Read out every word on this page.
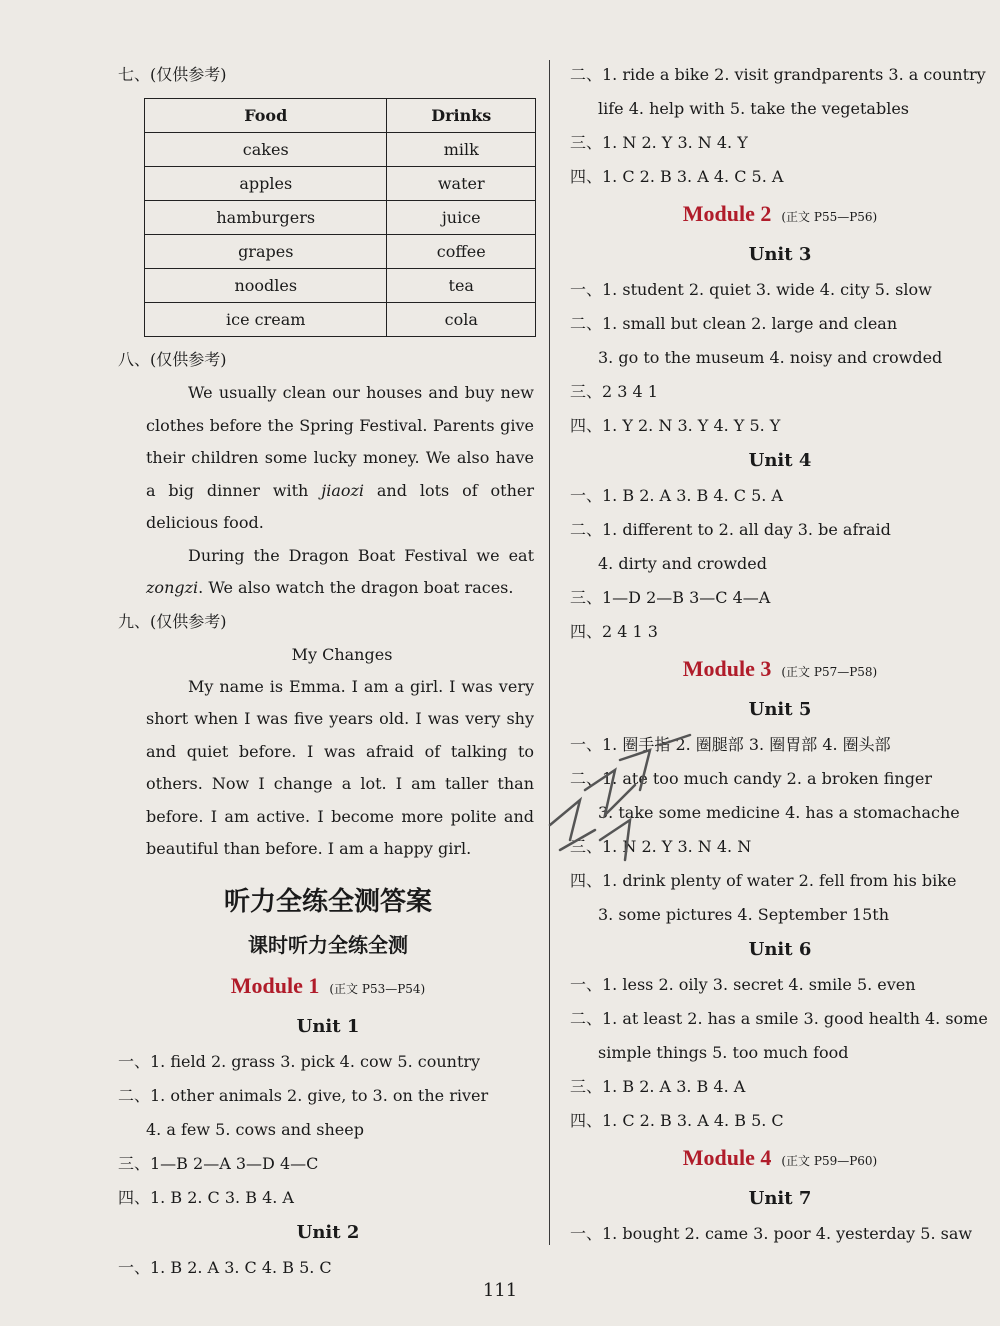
七、(仅供参考)
Food	Drinks
cakes	milk
apples	water
hamburgers	juice
grapes	coffee
noodles	tea
ice cream	cola
八、(仅供参考)

We usually clean our houses and buy new clothes before the Spring Festival. Parents give their children some lucky money. We also have a big dinner with jiaozi and lots of other delicious food.

During the Dragon Boat Festival we eat zongzi. We also watch the dragon boat races.

九、(仅供参考)
My Changes

My name is Emma. I am a girl. I was very short when I was five years old. I was very shy and quiet before. I was afraid of talking to others. Now I change a lot. I am taller than before. I am active. I become more polite and beautiful than before. I am a happy girl.

听力全练全测答案
课时听力全练全测
Module 1 (正文 P53—P54)
Unit 1
一、1. field 2. grass 3. pick 4. cow 5. country
二、1. other animals 2. give, to 3. on the river
4. a few 5. cows and sheep
三、1—B 2—A 3—D 4—C
四、1. B 2. C 3. B 4. A
Unit 2
一、1. B 2. A 3. C 4. B 5. C
二、1. ride a bike 2. visit grandparents 3. a country
life 4. help with 5. take the vegetables
三、1. N 2. Y 3. N 4. Y
四、1. C 2. B 3. A 4. C 5. A
Module 2 (正文 P55—P56)
Unit 3
一、1. student 2. quiet 3. wide 4. city 5. slow
二、1. small but clean 2. large and clean
3. go to the museum 4. noisy and crowded
三、2 3 4 1
四、1. Y 2. N 3. Y 4. Y 5. Y
Unit 4
一、1. B 2. A 3. B 4. C 5. A
二、1. different to 2. all day 3. be afraid
4. dirty and crowded
三、1—D 2—B 3—C 4—A
四、2 4 1 3
Module 3 (正文 P57—P58)
Unit 5
一、1. 圈手指 2. 圈腿部 3. 圈胃部 4. 圈头部
二、1. ate too much candy 2. a broken finger
3. take some medicine 4. has a stomachache
三、1. N 2. Y 3. N 4. N
四、1. drink plenty of water 2. fell from his bike
3. some pictures 4. September 15th
Unit 6
一、1. less 2. oily 3. secret 4. smile 5. even
二、1. at least 2. has a smile 3. good health 4. some
simple things 5. too much food
三、1. B 2. A 3. B 4. A
四、1. C 2. B 3. A 4. B 5. C
Module 4 (正文 P59—P60)
Unit 7
一、1. bought 2. came 3. poor 4. yesterday 5. saw
111
